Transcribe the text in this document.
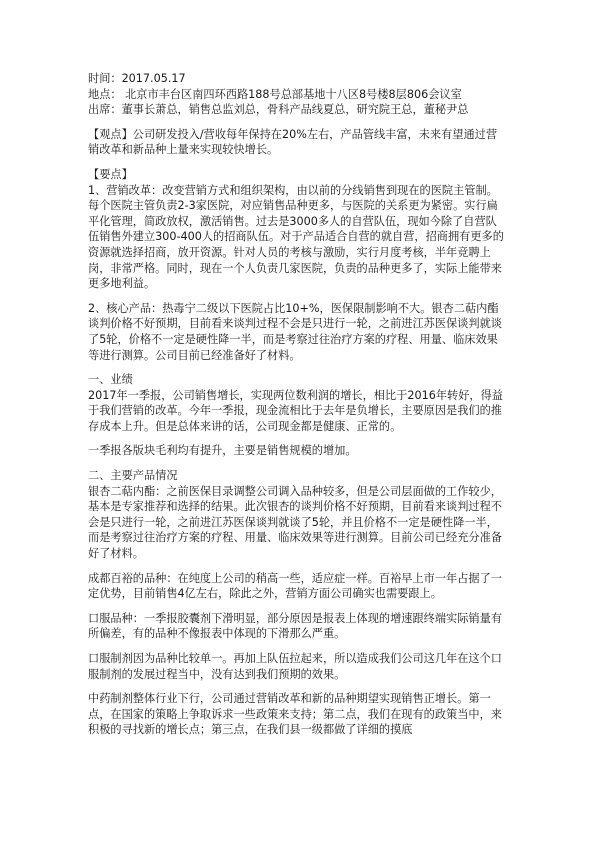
时间：2017.05.17

地点： 北京市丰台区南四环西路188号总部基地十八区8号楼8层806会议室

出席：董事长萧总，销售总监刘总，骨科产品线夏总，研究院王总，董秘尹总

【观点】公司研发投入/营收每年保持在20%左右，产品管线丰富，未来有望通过营销改革和新品种上量来实现较快增长。

【要点】

1、营销改革：改变营销方式和组织架构，由以前的分线销售到现在的医院主管制。每个医院主管负责2-3家医院，对应销售品种更多，与医院的关系更为紧密。实行扁平化管理，简政放权，激活销售。过去是3000多人的自营队伍，现如今除了自营队伍销售外建立300-400人的招商队伍。对于产品适合自营的就自营，招商拥有更多的资源就选择招商，放开资源。针对人员的考核与激励，实行月度考核，半年竞聘上岗，非常严格。同时，现在一个人负责几家医院，负责的品种更多了，实际上能带来更多地利益。

2、核心产品：热毒宁二级以下医院占比10+%，医保限制影响不大。银杏二萜内酯谈判价格不好预期，目前看来谈判过程不会是只进行一轮，之前进江苏医保谈判就谈了5轮，价格不一定是硬性降一半，而是考察过往治疗方案的疗程、用量、临床效果等进行测算。公司目前已经准备好了材料。

一、业绩

2017年一季报，公司销售增长，实现两位数利润的增长，相比于2016年转好，得益于我们营销的改革。今年一季报，现金流相比于去年是负增长，主要原因是我们的推存成本上升。但是总体来讲的话，公司现金都是健康、正常的。

一季报各版块毛利均有提升，主要是销售规模的增加。

二、主要产品情况

银杏二萜内酯：之前医保目录调整公司调入品种较多，但是公司层面做的工作较少，基本是专家推荐和选择的结果。此次银杏的谈判价格不好预期，目前看来谈判过程不会是只进行一轮，之前进江苏医保谈判就谈了5轮，并且价格不一定是硬性降一半，而是考察过往治疗方案的疗程、用量、临床效果等进行测算。目前公司已经充分准备好了材料。

成都百裕的品种：在纯度上公司的稍高一些，适应症一样。百裕早上市一年占据了一定优势，目前销售4亿左右，除此之外，营销方面公司确实也需要跟上。

口服品种：一季报胶囊剂下滑明显，部分原因是报表上体现的增速跟终端实际销量有所偏差，有的品种不像报表中体现的下滑那么严重。

口服制剂因为品种比较单一。再加上队伍拉起来，所以造成我们公司这几年在这个口服制剂的发展过程当中，没有达到我们预期的效果。

中药制剂整体行业下行，公司通过营销改革和新的品种期望实现销售正增长。第一点，在国家的策略上争取诉求一些政策来支持；第二点，我们在现有的政策当中，来积极的寻找新的增长点；第三点，在我们县一级都做了详细的摸底
